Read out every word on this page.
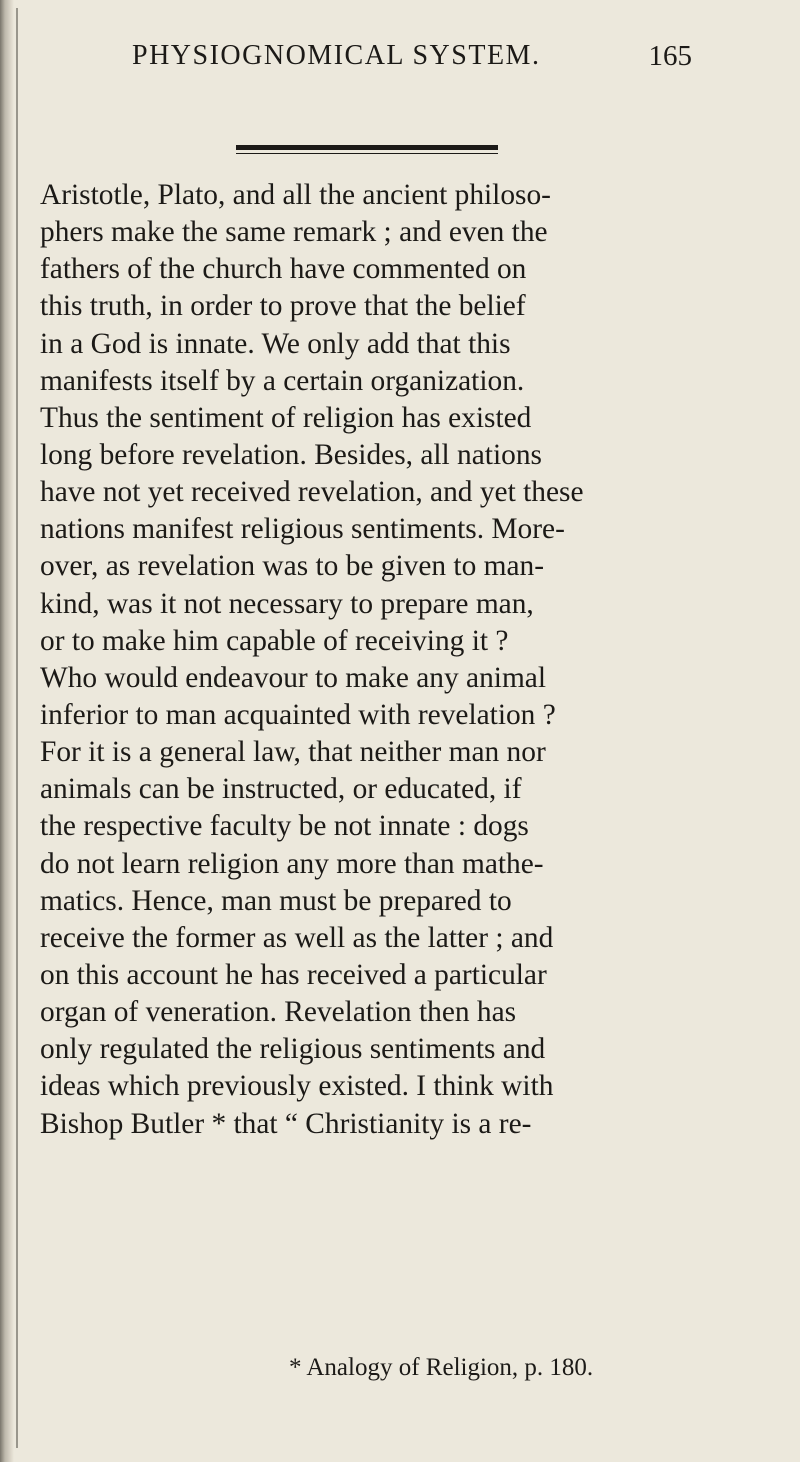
PHYSIOGNOMICAL SYSTEM.	165
Aristotle, Plato, and all the ancient philoso-
phers make the same remark ; and even the
fathers of the church have commented on
this truth, in order to prove that the belief
in a God is innate. We only add that this
manifests itself by a certain organization.
Thus the sentiment of religion has existed
long before revelation. Besides, all nations
have not yet received revelation, and yet these
nations manifest religious sentiments. More-
over, as revelation was to be given to man-
kind, was it not necessary to prepare man,
or to make him capable of receiving it ?
Who would endeavour to make any animal
inferior to man acquainted with revelation ?
For it is a general law, that neither man nor
animals can be instructed, or educated, if
the respective faculty be not innate : dogs
do not learn religion any more than mathe-
matics. Hence, man must be prepared to
receive the former as well as the latter ; and
on this account he has received a particular
organ of veneration. Revelation then has
only regulated the religious sentiments and
ideas which previously existed. I think with
Bishop Butler * that “ Christianity is a re-
* Analogy of Religion, p. 180.
